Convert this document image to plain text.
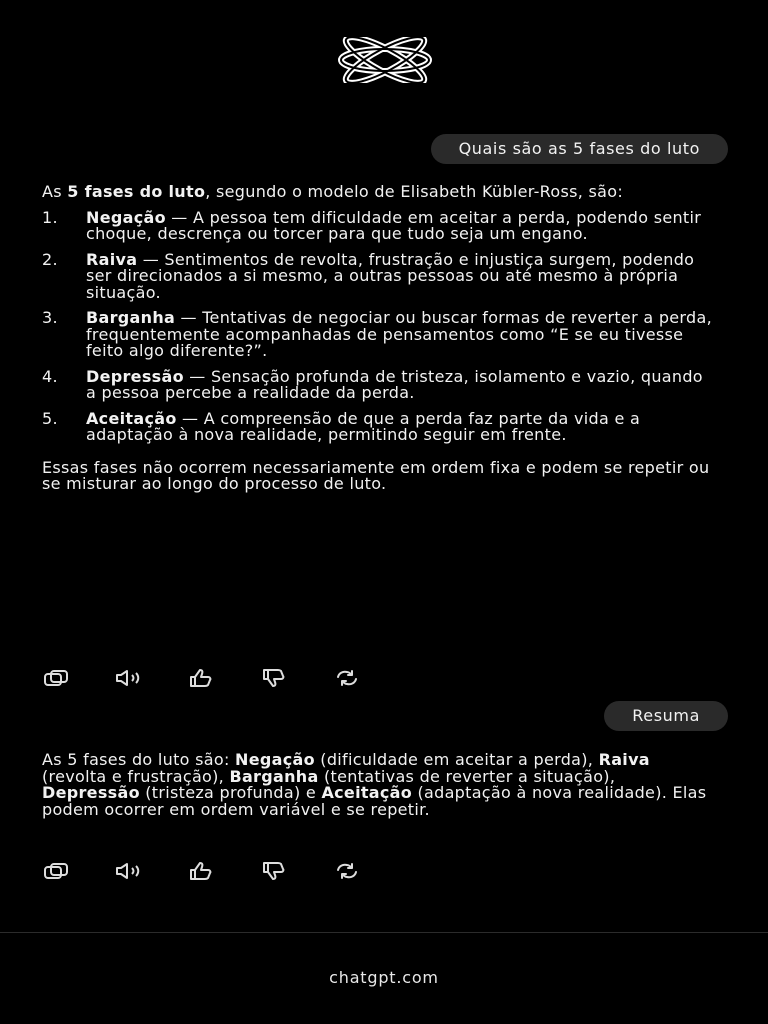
Quais são as 5 fases do luto

As 5 fases do luto, segundo o modelo de Elisabeth Kübler-Ross, são:

1. Negação — A pessoa tem dificuldade em aceitar a perda, podendo sentir choque, descrença ou torcer para que tudo seja um engano.
2. Raiva — Sentimentos de revolta, frustração e injustiça surgem, podendo ser direcionados a si mesmo, a outras pessoas ou até mesmo à própria situação.
3. Barganha — Tentativas de negociar ou buscar formas de reverter a perda, frequentemente acompanhadas de pensamentos como “E se eu tivesse feito algo diferente?”.
4. Depressão — Sensação profunda de tristeza, isolamento e vazio, quando a pessoa percebe a realidade da perda.
5. Aceitação — A compreensão de que a perda faz parte da vida e a adaptação à nova realidade, permitindo seguir em frente.

Essas fases não ocorrem necessariamente em ordem fixa e podem se repetir ou se misturar ao longo do processo de luto.

Resuma

As 5 fases do luto são: Negação (dificuldade em aceitar a perda), Raiva (revolta e frustração), Barganha (tentativas de reverter a situação), Depressão (tristeza profunda) e Aceitação (adaptação à nova realidade). Elas podem ocorrer em ordem variável e se repetir.

chatgpt.com
